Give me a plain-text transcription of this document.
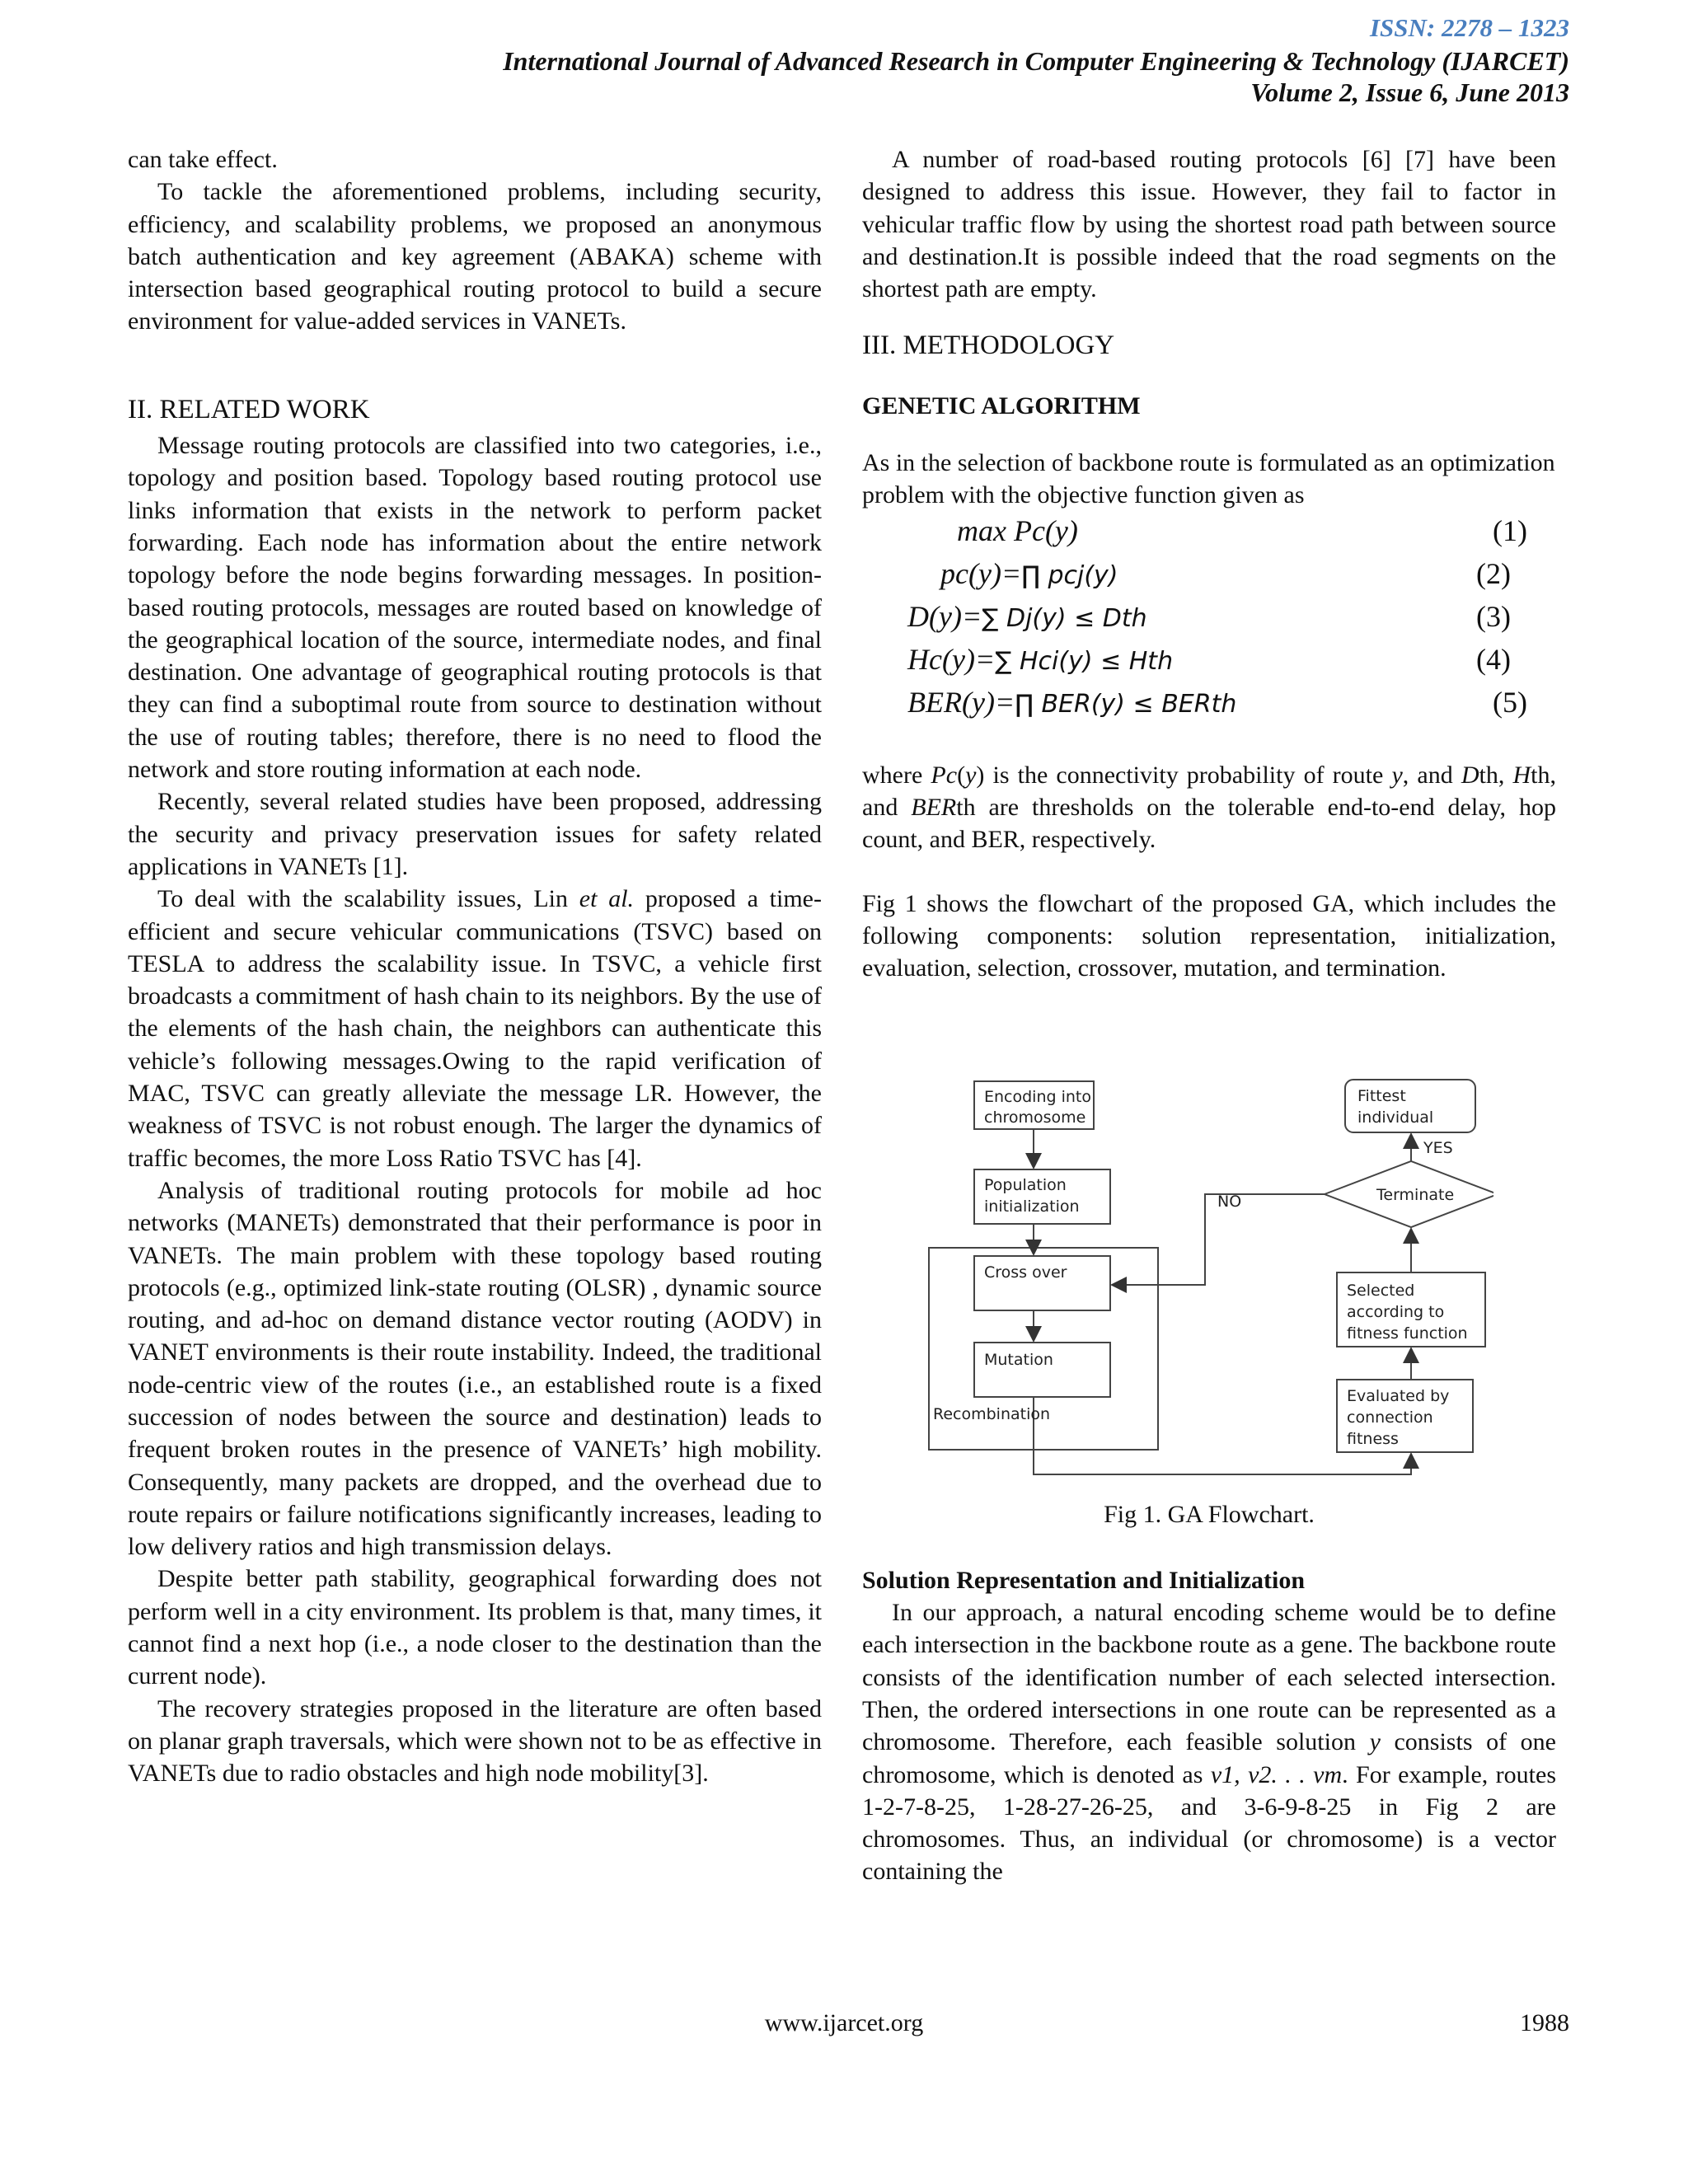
ISSN: 2278 – 1323
International Journal of Advanced Research in Computer Engineering & Technology (IJARCET)
Volume 2, Issue 6, June 2013

can take effect.

To tackle the aforementioned problems, including security, efficiency, and scalability problems, we proposed an anonymous batch authentication and key agreement (ABAKA) scheme with intersection based geographical routing protocol to build a secure environment for value-added services in VANETs.

II. RELATED WORK

Message routing protocols are classified into two categories, i.e., topology and position based. Topology based routing protocol use links information that exists in the network to perform packet forwarding. Each node has information about the entire network topology before the node begins forwarding messages. In position-based routing protocols, messages are routed based on knowledge of the geographical location of the source, intermediate nodes, and final destination. One advantage of geographical routing protocols is that they can find a suboptimal route from source to destination without the use of routing tables; therefore, there is no need to flood the network and store routing information at each node.

Recently, several related studies have been proposed, addressing the security and privacy preservation issues for safety related applications in VANETs [1].

To deal with the scalability issues, Lin et al. proposed a time-efficient and secure vehicular communications (TSVC) based on TESLA to address the scalability issue. In TSVC, a vehicle first broadcasts a commitment of hash chain to its neighbors. By the use of the elements of the hash chain, the neighbors can authenticate this vehicle’s following messages.Owing to the rapid verification of MAC, TSVC can greatly alleviate the message LR. However, the weakness of TSVC is not robust enough. The larger the dynamics of traffic becomes, the more Loss Ratio TSVC has [4].

Analysis of traditional routing protocols for mobile ad hoc networks (MANETs) demonstrated that their performance is poor in VANETs. The main problem with these topology based routing protocols (e.g., optimized link-state routing (OLSR) , dynamic source routing, and ad-hoc on demand distance vector routing (AODV) in VANET environments is their route instability. Indeed, the traditional node-centric view of the routes (i.e., an established route is a fixed succession of nodes between the source and destination) leads to frequent broken routes in the presence of VANETs’ high mobility. Consequently, many packets are dropped, and the overhead due to route repairs or failure notifications significantly increases, leading to low delivery ratios and high transmission delays.

Despite better path stability, geographical forwarding does not perform well in a city environment. Its problem is that, many times, it cannot find a next hop (i.e., a node closer to the destination than the current node).

The recovery strategies proposed in the literature are often based on planar graph traversals, which were shown not to be as effective in VANETs due to radio obstacles and high node mobility[3].

A number of road-based routing protocols [6] [7] have been designed to address this issue. However, they fail to factor in vehicular traffic flow by using the shortest road path between source and destination.It is possible indeed that the road segments on the shortest path are empty.

III. METHODOLOGY

GENETIC ALGORITHM

As in the selection of backbone route is formulated as an optimization

problem with the objective function given as

max Pc(y)	(1)
pc(y)=∏ pcj(y)	(2)
D(y)=∑ Dj(y) ≤ Dth	(3)
Hc(y)=∑ Hci(y) ≤ Hth	(4)
BER(y)=∏ BER(y) ≤ BERth	(5)

where Pc(y) is the connectivity probability of route y, and Dth, Hth, and BERth are thresholds on the tolerable end-to-end delay, hop count, and BER, respectively.

Fig 1 shows the flowchart of the proposed GA, which includes the following components: solution representation, initialization, evaluation, selection, crossover, mutation, and termination.

Encoding into
chromosome
Population
initialization
Cross over
Mutation
Recombination
Fittest
individual
Terminate
YES
NO
Selected
according to
fitness function
Evaluated by
connection
fitness

Fig 1. GA Flowchart.

Solution Representation and Initialization

In our approach, a natural encoding scheme would be to define each intersection in the backbone route as a gene. The backbone route consists of the identification number of each selected intersection. Then, the ordered intersections in one route can be represented as a chromosome. Therefore, each feasible solution y consists of one chromosome, which is denoted as v1, v2. . . vm. For example, routes 1-2-7-8-25, 1-28-27-26-25, and 3-6-9-8-25 in Fig 2 are chromosomes. Thus, an individual (or chromosome) is a vector containing the

www.ijarcet.org	1988
